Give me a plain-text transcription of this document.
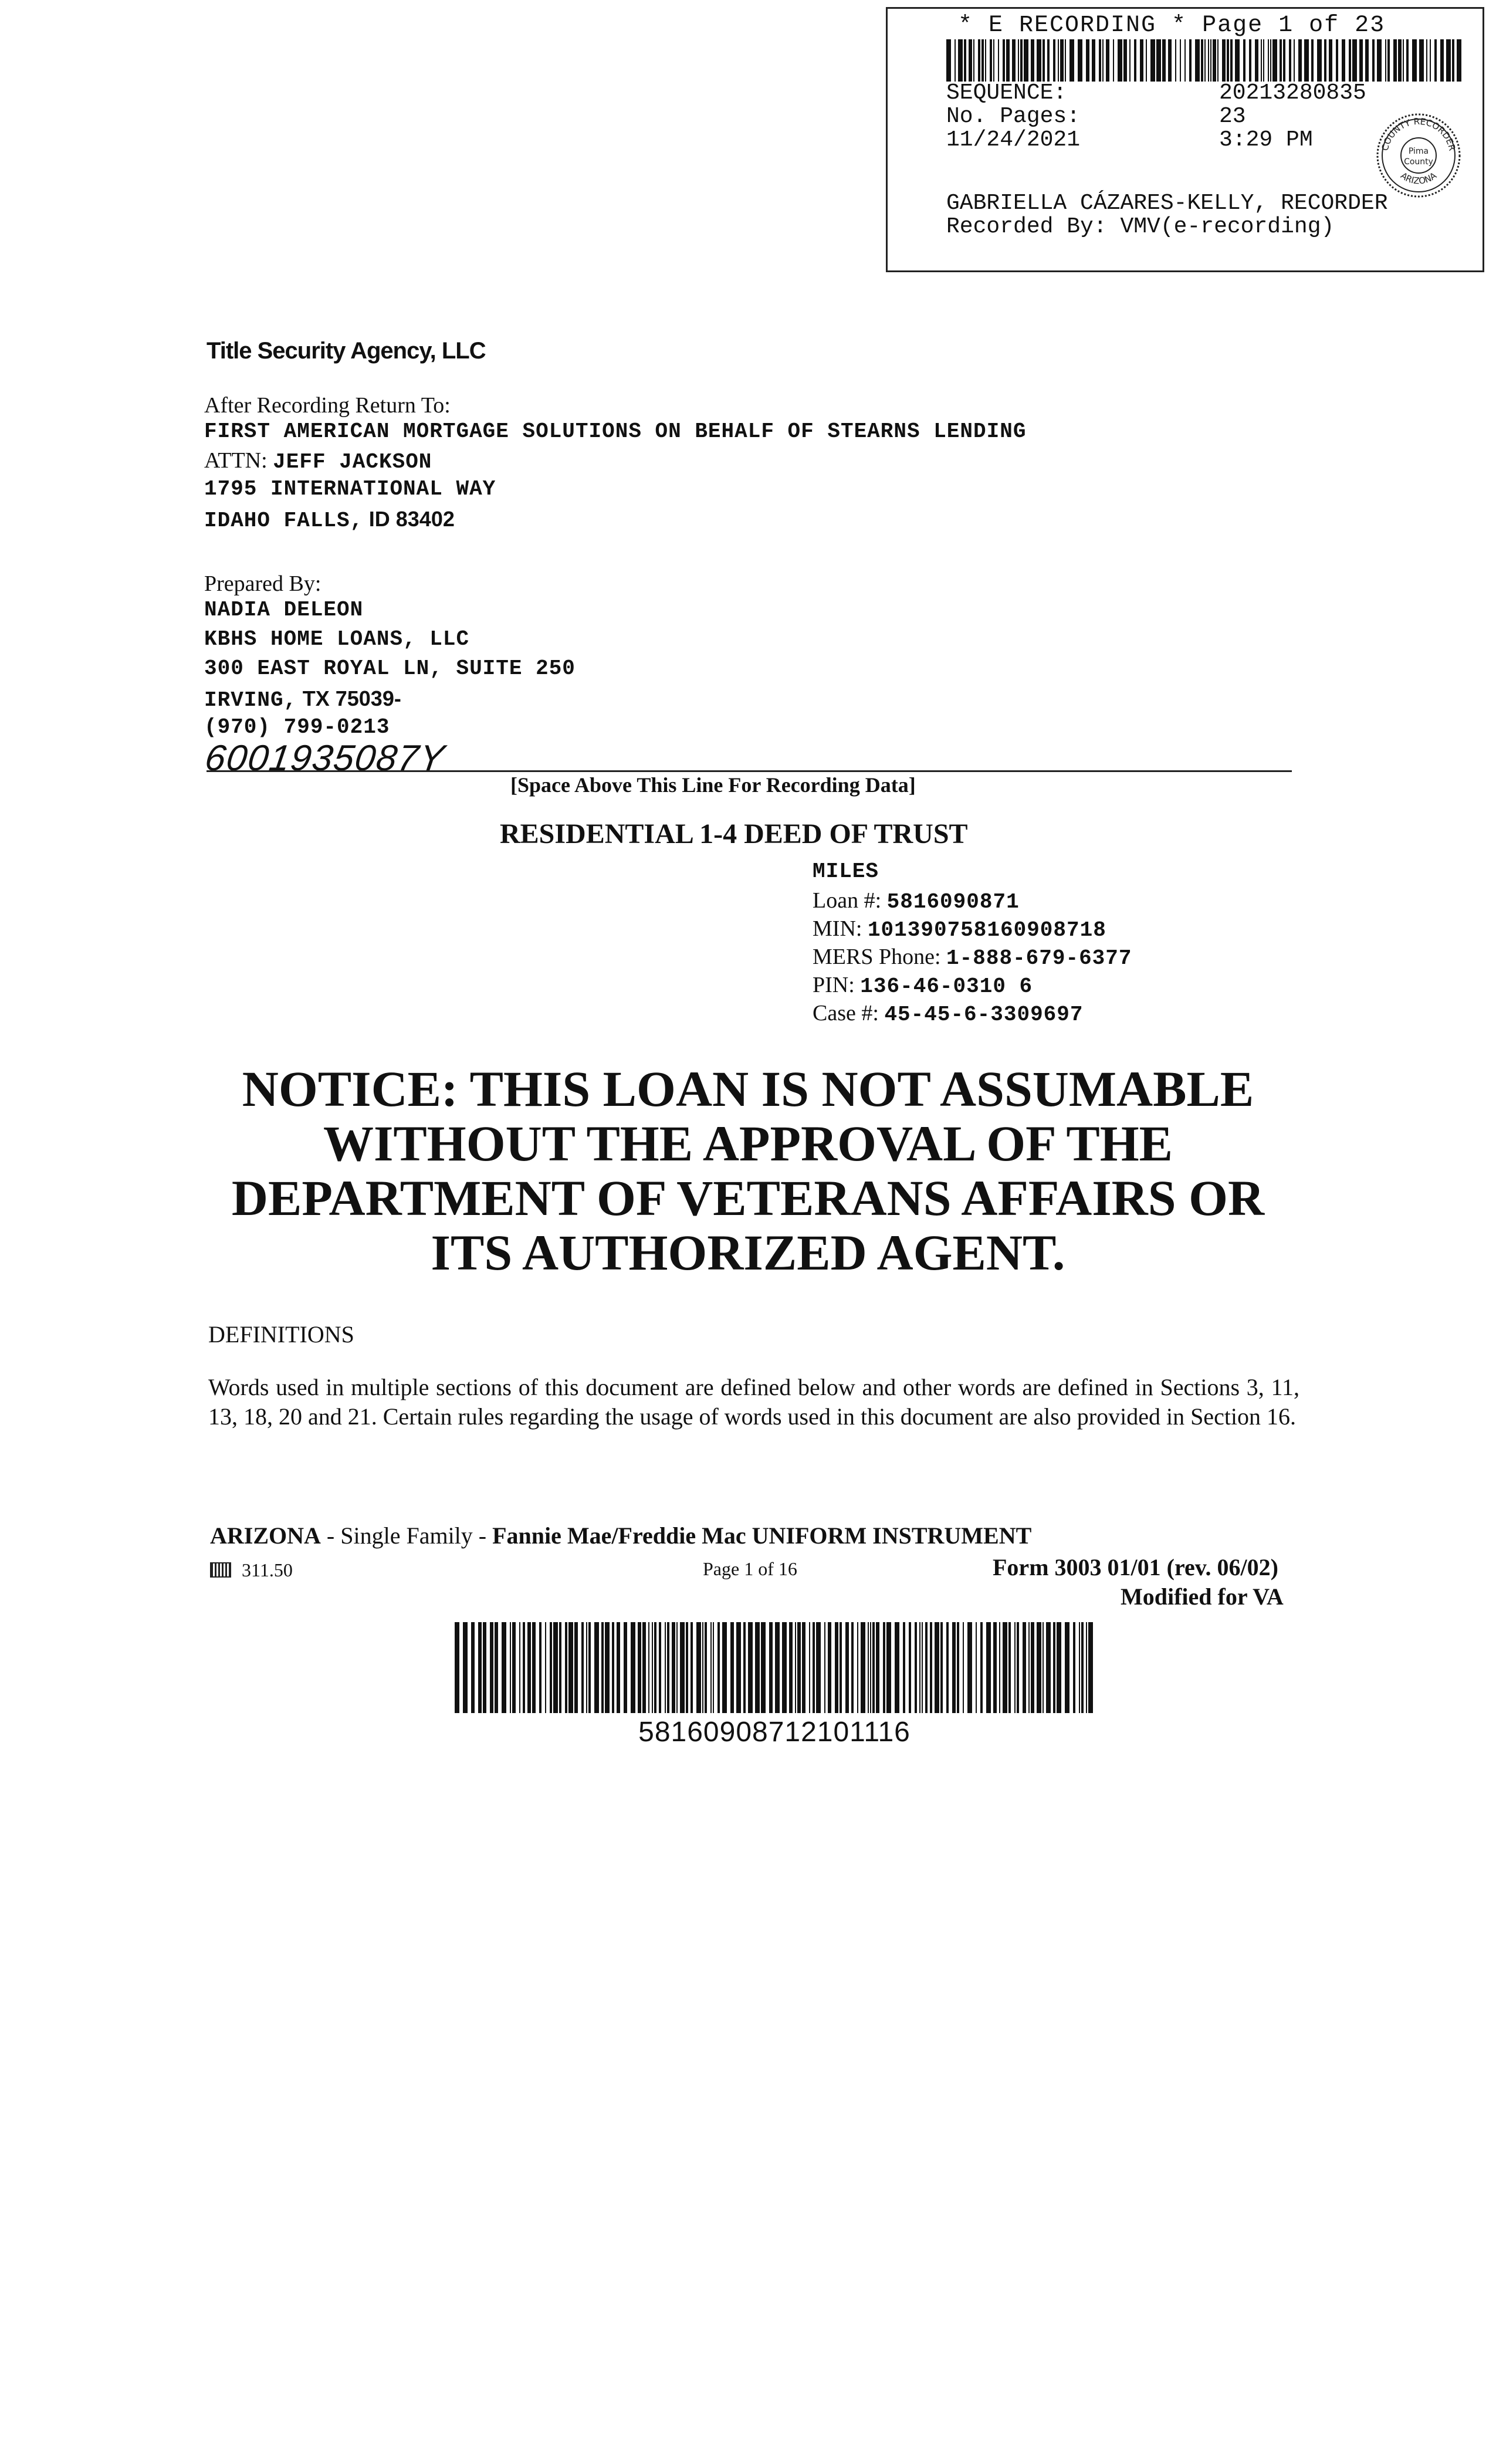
* E RECORDING * Page 1 of 23
SEQUENCE:	20213280835
No. Pages:	23
11/24/2021	3:29 PM	COUNTY RECORDER
ARIZONA
Pima
County
GABRIELLA CÁZARES-KELLY, RECORDER
Recorded By: VMV(e-recording)
Title Security Agency, LLC
After Recording Return To:
FIRST AMERICAN MORTGAGE SOLUTIONS ON BEHALF OF STEARNS LENDING
ATTN: JEFF JACKSON
1795 INTERNATIONAL WAY
IDAHO FALLS, ID 83402
Prepared By:
NADIA DELEON
KBHS HOME LOANS, LLC
300 EAST ROYAL LN, SUITE 250
IRVING, TX 75039-
(970) 799-0213
6001935087Y
[Space Above This Line For Recording Data]
RESIDENTIAL 1-4 DEED OF TRUST
MILES
Loan #: 5816090871
MIN: 1013907581609087​18
MERS Phone: 1-888-679-6377
PIN: 136-46-0310 6
Case #: 45-45-6-3309697
NOTICE: THIS LOAN IS NOT ASSUMABLE
WITHOUT THE APPROVAL OF THE
DEPARTMENT OF VETERANS AFFAIRS OR
ITS AUTHORIZED AGENT.
DEFINITIONS
Words used in multiple sections of this document are defined below and other words are defined in Sections 3, 11, 13, 18, 20 and 21. Certain rules regarding the usage of words used in this document are also provided in Section 16.
ARIZONA - Single Family - Fannie Mae/Freddie Mac UNIFORM INSTRUMENT
311.50	Page 1 of 16	Form 3003 01/01 (rev. 06/02)
Modified for VA
58160908712101116
